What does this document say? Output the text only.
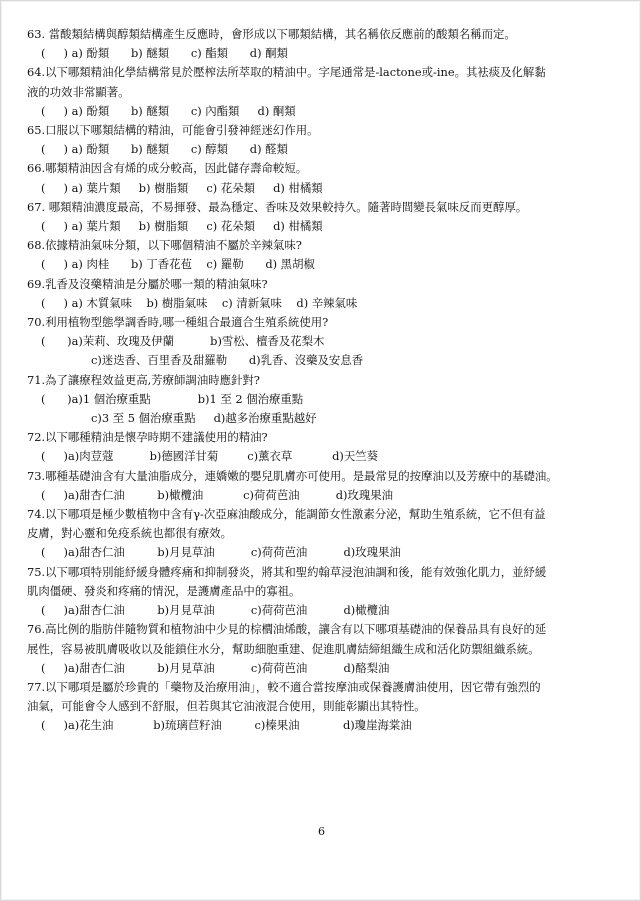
63. 當酸類結構與醇類結構產生反應時，會形成以下哪類結構，其名稱依反應前的酸類名稱而定。
(     ) a) 酚類      b) 醚類      c) 酯類      d) 酮類
64.以下哪類精油化學結構常見於壓榨法所萃取的精油中。字尾通常是-lactone或-ine。其袪痰及化解黏
液的功效非常顯著。
(     ) a) 酚類      b) 醚類      c) 內酯類     d) 酮類
65.口服以下哪類結構的精油，可能會引發神經迷幻作用。
(     ) a) 酚類      b) 醚類      c) 醇類      d) 醛類
66.哪類精油因含有烯的成分較高，因此儲存壽命較短。
(     ) a) 葉片類     b) 樹脂類     c) 花朵類     d) 柑橘類
67. 哪類精油濃度最高，不易揮發、最為穩定、香味及效果較持久。隨著時間變長氣味反而更醇厚。
(     ) a) 葉片類     b) 樹脂類     c) 花朵類     d) 柑橘類
68.依據精油氣味分類，以下哪個精油不屬於辛辣氣味?
(     ) a) 肉桂      b) 丁香花苞    c) 羅勒      d) 黑胡椒
69.乳香及沒藥精油是分屬於哪一類的精油氣味?
(     ) a) 木質氣味    b) 樹脂氣味    c) 清新氣味    d) 辛辣氣味
70.利用植物型態學調香時,哪一種組合最適合生殖系統使用?
(      )a)茉莉、玫瑰及伊蘭          b)雪松、檀香及花梨木
c)迷迭香、百里香及甜羅勒      d)乳香、沒藥及安息香
71.為了讓療程效益更高,芳療師調油時應針對?
(      )a)1 個治療重點             b)1 至 2 個治療重點
c)3 至 5 個治療重點     d)越多治療重點越好
72.以下哪種精油是懷孕時期不建議使用的精油?
(     )a)肉荳蔻          b)德國洋甘菊        c)薰衣草           d)天竺葵
73.哪種基礎油含有大量油脂成分，連嬌嫩的嬰兒肌膚亦可使用。是最常見的按摩油以及芳療中的基礎油。
(     )a)甜杏仁油         b)橄欖油           c)荷荷芭油          d)玫瑰果油
74.以下哪項是極少數植物中含有γ-次亞麻油酸成分，能調節女性激素分泌，幫助生殖系統，它不但有益
皮膚，對心靈和免疫系統也都很有療效。
(     )a)甜杏仁油         b)月見草油          c)荷荷芭油          d)玫瑰果油
75.以下哪項特別能紓緩身體疼痛和抑制發炎，將其和聖約翰草浸泡油調和後，能有效強化肌力，並紓緩
肌肉僵硬、發炎和疼痛的情況，是護膚產品中的寡祖。
(     )a)甜杏仁油         b)月見草油          c)荷荷芭油          d)橄欖油
76.高比例的脂肪伴隨物質和植物油中少見的棕櫚油烯酸，讓含有以下哪項基礎油的保養品具有良好的延
展性，容易被肌膚吸收以及能鎖住水分，幫助細胞重建、促進肌膚結締組織生成和活化防禦組織系統。
(     )a)甜杏仁油         b)月見草油          c)荷荷芭油          d)酪梨油
77.以下哪項是屬於珍貴的「藥物及治療用油」，較不適合當按摩油或保養護膚油使用，因它帶有強烈的
油氣，可能會令人感到不舒服，但若與其它油液混合使用，則能彰顯出其特性。
(     )a)花生油           b)琉璃苣籽油         c)榛果油            d)瓊崖海棠油
6
